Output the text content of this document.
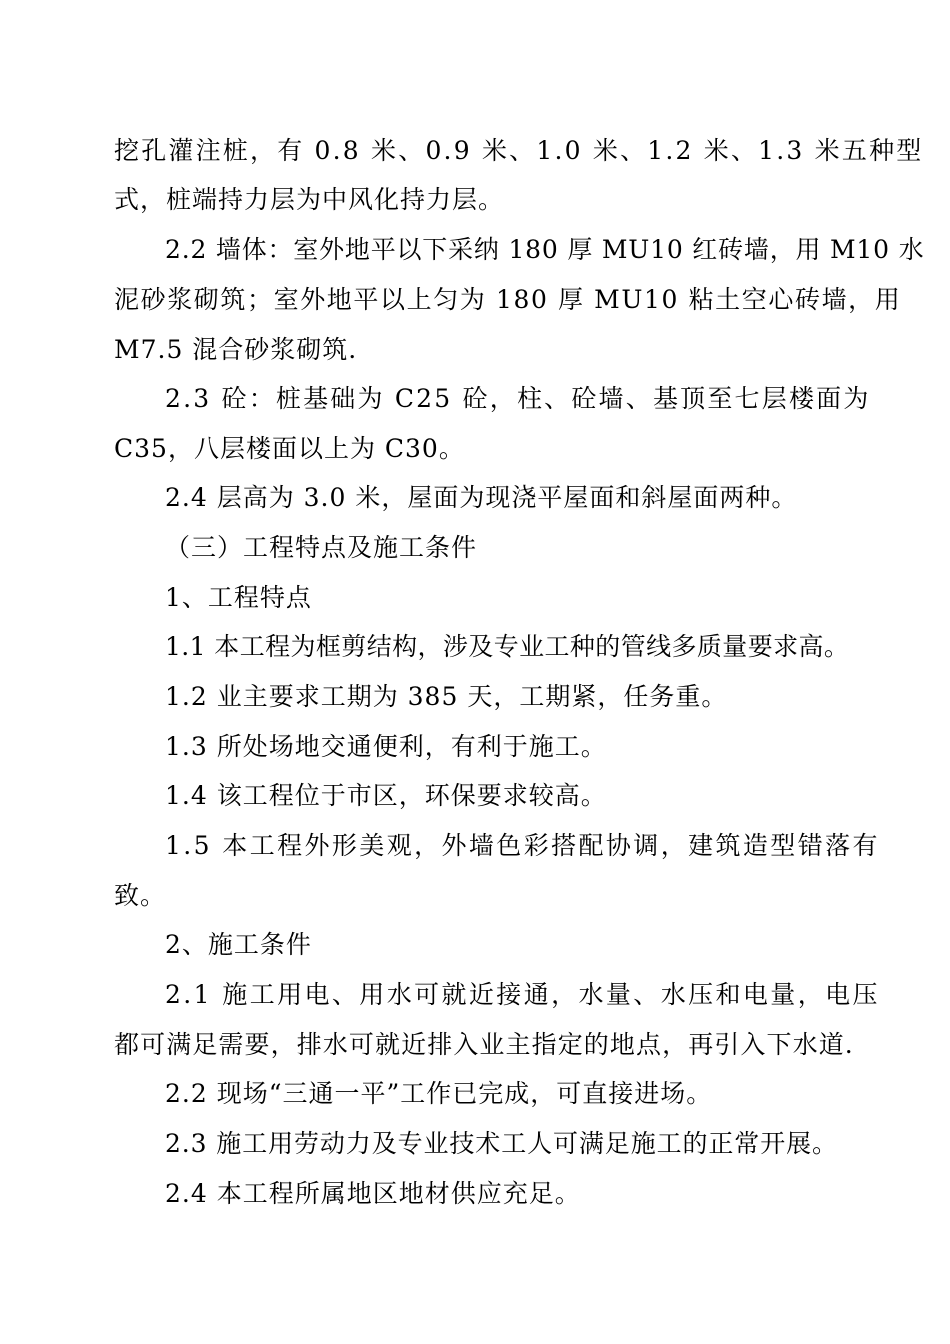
挖孔灌注桩，有 0.8 米、0.9 米、1.0 米、1.2 米、1.3 米五种型
式，桩端持力层为中风化持力层。
2.2 墙体：室外地平以下采纳 180 厚 MU10 红砖墙，用 M10 水
泥砂浆砌筑；室外地平以上匀为 180 厚 MU10 粘土空心砖墙，用
M7.5 混合砂浆砌筑.
2.3 砼：桩基础为 C25 砼，柱、砼墙、基顶至七层楼面为
C35，八层楼面以上为 C30。
2.4 层高为 3.0 米，屋面为现浇平屋面和斜屋面两种。
（三）工程特点及施工条件
1、工程特点
1.1 本工程为框剪结构，涉及专业工种的管线多质量要求高。
1.2 业主要求工期为 385 天，工期紧，任务重。
1.3 所处场地交通便利，有利于施工。
1.4 该工程位于市区，环保要求较高。
1.5 本工程外形美观，外墙色彩搭配协调，建筑造型错落有
致。
2、施工条件
2.1 施工用电、用水可就近接通，水量、水压和电量，电压
都可满足需要，排水可就近排入业主指定的地点，再引入下水道.
2.2 现场“三通一平”工作已完成，可直接进场。
2.3 施工用劳动力及专业技术工人可满足施工的正常开展。
2.4 本工程所属地区地材供应充足。
